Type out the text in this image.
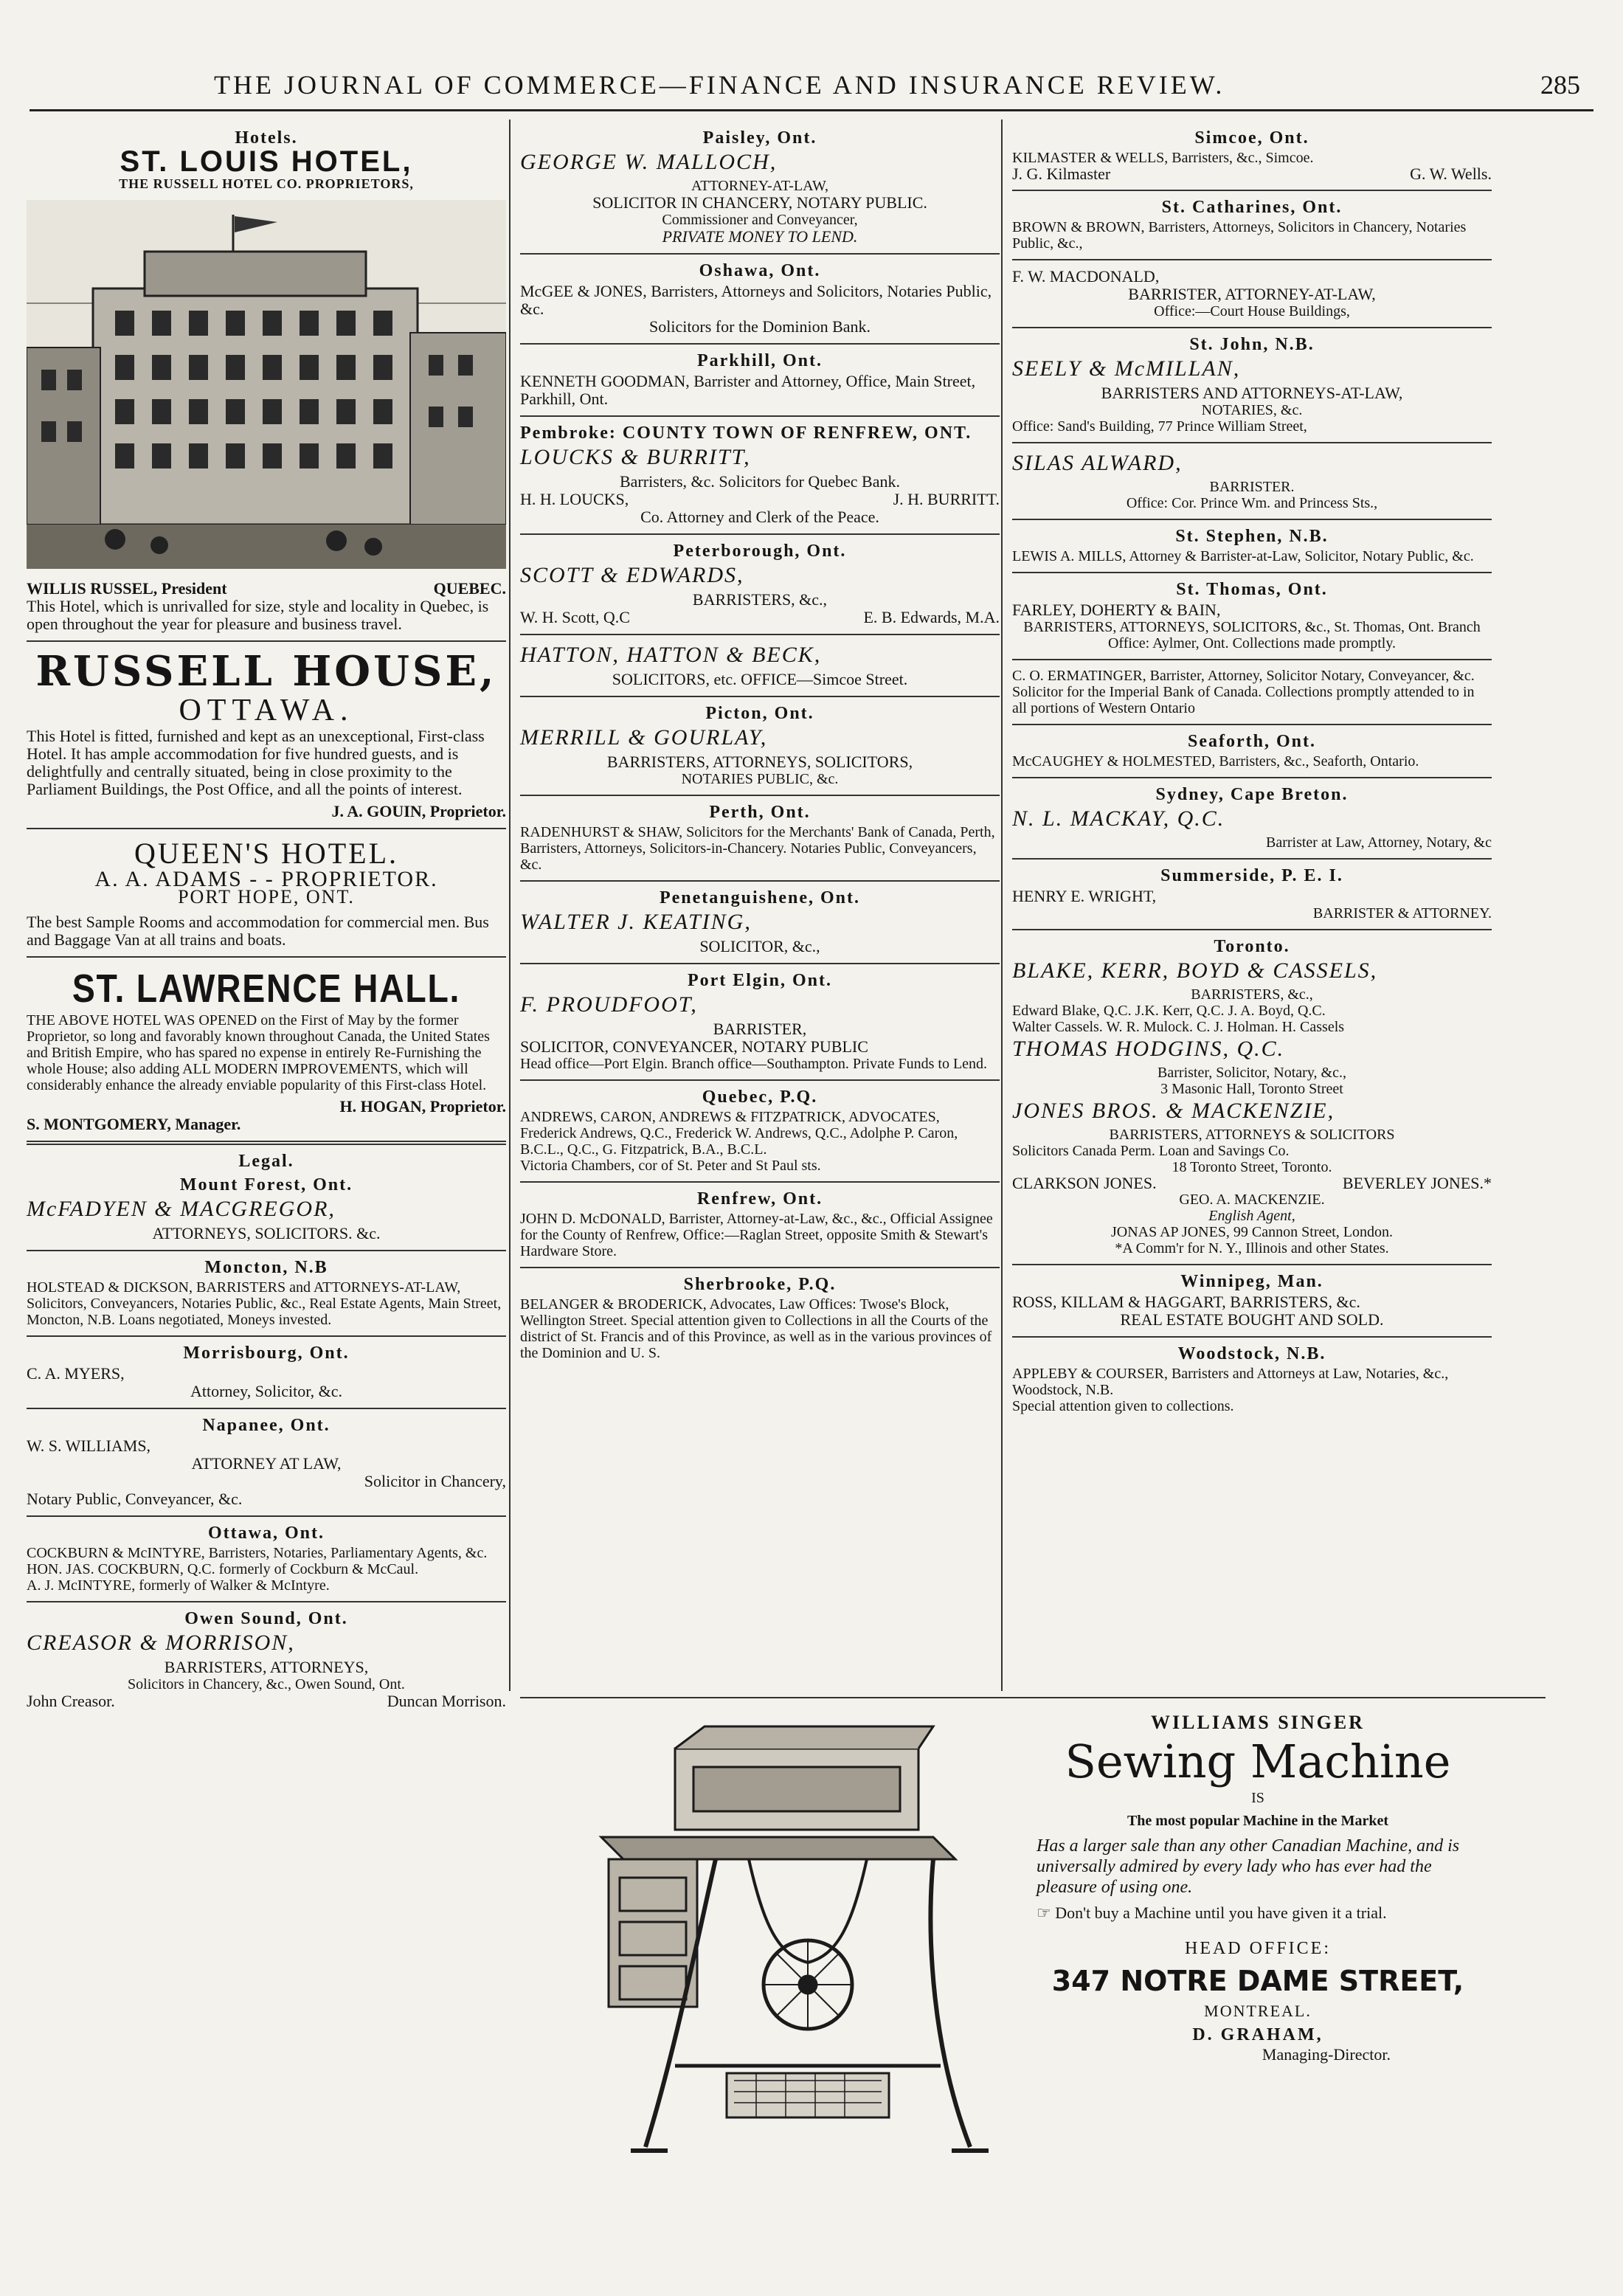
THE JOURNAL OF COMMERCE—FINANCE AND INSURANCE REVIEW.	285
Hotels.
ST. LOUIS HOTEL,
THE RUSSELL HOTEL CO. PROPRIETORS,
WILLIS RUSSEL, President	QUEBEC.
This Hotel, which is unrivalled for size, style and locality in Quebec, is open throughout the year for pleasure and business travel.
RUSSELL HOUSE,
OTTAWA.
This Hotel is fitted, furnished and kept as an unexceptional, First-class Hotel. It has ample accommodation for five hundred guests, and is delightfully and centrally situated, being in close proximity to the Parliament Buildings, the Post Office, and all the points of interest.
J. A. GOUIN, Proprietor.
QUEEN'S HOTEL.
A. A. ADAMS - - PROPRIETOR.
PORT HOPE, ONT.
The best Sample Rooms and accommodation for commercial men. Bus and Baggage Van at all trains and boats.
ST. LAWRENCE HALL.
THE ABOVE HOTEL WAS OPENED on the First of May by the former Proprietor, so long and favorably known throughout Canada, the United States and British Empire, who has spared no expense in entirely Re-Furnishing the whole House; also adding ALL MODERN IMPROVEMENTS, which will considerably enhance the already enviable popularity of this First-class Hotel.
H. HOGAN, Proprietor.
S. MONTGOMERY, Manager.
Legal.
Mount Forest, Ont.
McFADYEN & MACGREGOR,
ATTORNEYS, SOLICITORS. &c.
Moncton, N.B
HOLSTEAD & DICKSON, BARRISTERS and ATTORNEYS-AT-LAW, Solicitors, Conveyancers, Notaries Public, &c., Real Estate Agents, Main Street, Moncton, N.B. Loans negotiated, Moneys invested.
Morrisbourg, Ont.
C. A. MYERS,
Attorney, Solicitor, &c.
Napanee, Ont.
W. S. WILLIAMS,
ATTORNEY AT LAW,
Solicitor in Chancery,
Notary Public, Conveyancer, &c.
Ottawa, Ont.
COCKBURN & McINTYRE, Barristers, Notaries, Parliamentary Agents, &c. HON. JAS. COCKBURN, Q.C. formerly of Cockburn & McCaul.
A. J. McINTYRE, formerly of Walker & McIntyre.
Owen Sound, Ont.
CREASOR & MORRISON,
BARRISTERS, ATTORNEYS,
Solicitors in Chancery, &c., Owen Sound, Ont.
John Creasor.	Duncan Morrison.
Paisley, Ont.
GEORGE W. MALLOCH,
ATTORNEY-AT-LAW,
SOLICITOR IN CHANCERY, NOTARY PUBLIC.
Commissioner and Conveyancer,
PRIVATE MONEY TO LEND.
Oshawa, Ont.
McGEE & JONES, Barristers, Attorneys and Solicitors, Notaries Public, &c.
Solicitors for the Dominion Bank.
Parkhill, Ont.
KENNETH GOODMAN, Barrister and Attorney, Office, Main Street, Parkhill, Ont.
Pembroke: COUNTY TOWN OF RENFREW, ONT.
LOUCKS & BURRITT,
Barristers, &c. Solicitors for Quebec Bank.
H. H. LOUCKS,	J. H. BURRITT.
Co. Attorney and Clerk of the Peace.
Peterborough, Ont.
SCOTT & EDWARDS,
BARRISTERS, &c.,
W. H. Scott, Q.C	E. B. Edwards, M.A.
HATTON, HATTON & BECK,
SOLICITORS, etc. OFFICE—Simcoe Street.
Picton, Ont.
MERRILL & GOURLAY,
BARRISTERS, ATTORNEYS, SOLICITORS,
NOTARIES PUBLIC, &c.
Perth, Ont.
RADENHURST & SHAW, Solicitors for the Merchants' Bank of Canada, Perth, Barristers, Attorneys, Solicitors-in-Chancery. Notaries Public, Conveyancers, &c.
Penetanguishene, Ont.
WALTER J. KEATING,
SOLICITOR, &c.,
Port Elgin, Ont.
F. PROUDFOOT,
BARRISTER,
SOLICITOR, CONVEYANCER, NOTARY PUBLIC
Head office—Port Elgin. Branch office—Southampton. Private Funds to Lend.
Quebec, P.Q.
ANDREWS, CARON, ANDREWS & FITZPATRICK, ADVOCATES, Frederick Andrews, Q.C., Frederick W. Andrews, Q.C., Adolphe P. Caron, B.C.L., Q.C., G. Fitzpatrick, B.A., B.C.L.
Victoria Chambers, cor of St. Peter and St Paul sts.
Renfrew, Ont.
JOHN D. McDONALD, Barrister, Attorney-at-Law, &c., &c., Official Assignee for the County of Renfrew, Office:—Raglan Street, opposite Smith & Stewart's Hardware Store.
Sherbrooke, P.Q.
BELANGER & BRODERICK, Advocates, Law Offices: Twose's Block, Wellington Street. Special attention given to Collections in all the Courts of the district of St. Francis and of this Province, as well as in the various provinces of the Dominion and U. S.
Simcoe, Ont.
KILMASTER & WELLS, Barristers, &c., Simcoe.
J. G. Kilmaster	G. W. Wells.
St. Catharines, Ont.
BROWN & BROWN, Barristers, Attorneys, Solicitors in Chancery, Notaries Public, &c.,
F. W. MACDONALD,
BARRISTER, ATTORNEY-AT-LAW,
Office:—Court House Buildings,
St. John, N.B.
SEELY & McMILLAN,
BARRISTERS AND ATTORNEYS-AT-LAW,
NOTARIES, &c.
Office: Sand's Building, 77 Prince William Street,
SILAS ALWARD,
BARRISTER.
Office: Cor. Prince Wm. and Princess Sts.,
St. Stephen, N.B.
LEWIS A. MILLS, Attorney & Barrister-at-Law, Solicitor, Notary Public, &c.
St. Thomas, Ont.
FARLEY, DOHERTY & BAIN,
BARRISTERS, ATTORNEYS, SOLICITORS, &c., St. Thomas, Ont. Branch Office: Aylmer, Ont. Collections made promptly.
C. O. ERMATINGER, Barrister, Attorney, Solicitor Notary, Conveyancer, &c. Solicitor for the Imperial Bank of Canada. Collections promptly attended to in all portions of Western Ontario
Seaforth, Ont.
McCAUGHEY & HOLMESTED, Barristers, &c., Seaforth, Ontario.
Sydney, Cape Breton.
N. L. MACKAY, Q.C.
Barrister at Law, Attorney, Notary, &c
Summerside, P. E. I.
HENRY E. WRIGHT,
BARRISTER & ATTORNEY.
Toronto.
BLAKE, KERR, BOYD & CASSELS,
BARRISTERS, &c.,
Edward Blake, Q.C. J.K. Kerr, Q.C. J. A. Boyd, Q.C.
Walter Cassels. W. R. Mulock. C. J. Holman. H. Cassels
THOMAS HODGINS, Q.C.
Barrister, Solicitor, Notary, &c.,
3 Masonic Hall, Toronto Street
JONES BROS. & MACKENZIE,
BARRISTERS, ATTORNEYS & SOLICITORS
Solicitors Canada Perm. Loan and Savings Co.
18 Toronto Street, Toronto.
CLARKSON JONES.	BEVERLEY JONES.*
GEO. A. MACKENZIE.
English Agent,
JONAS AP JONES, 99 Cannon Street, London.
*A Comm'r for N. Y., Illinois and other States.
Winnipeg, Man.
ROSS, KILLAM & HAGGART, BARRISTERS, &c.
REAL ESTATE BOUGHT AND SOLD.
Woodstock, N.B.
APPLEBY & COURSER, Barristers and Attorneys at Law, Notaries, &c., Woodstock, N.B.
Special attention given to collections.
WILLIAMS SINGER
Sewing Machine
IS
The most popular Machine in the Market
Has a larger sale than any other Canadian Machine, and is universally admired by every lady who has ever had the pleasure of using one.
☞ Don't buy a Machine until you have given it a trial.
HEAD OFFICE:
347 NOTRE DAME STREET,
MONTREAL.
D. GRAHAM,
Managing-Director.
